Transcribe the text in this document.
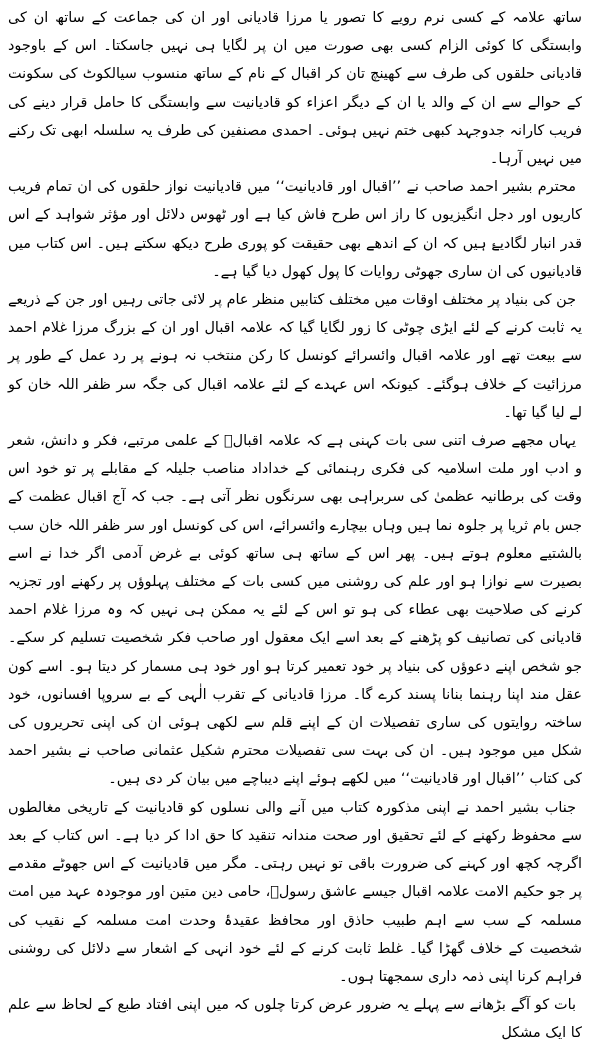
ساتھ علامہ کے کسی نرم رویے کا تصور یا مرزا قادیانی اور ان کی جماعت کے ساتھ ان کی وابستگی کا کوئی الزام کسی بھی صورت میں ان پر لگایا ہی نہیں جاسکتا۔ اس کے باوجود قادیانی حلقوں کی طرف سے کھینچ تان کر اقبال کے نام کے ساتھ منسوب سیالکوٹ کی سکونت کے حوالے سے ان کے والد یا ان کے دیگر اعزاء کو قادیانیت سے وابستگی کا حامل قرار دینے کی فریب کارانہ جدوجہد کبھی ختم نہیں ہوئی۔ احمدی مصنفین کی طرف یہ سلسلہ ابھی تک رکنے میں نہیں آرہا۔

محترم بشیر احمد صاحب نے ’’اقبال اور قادیانیت‘‘ میں قادیانیت نواز حلقوں کی ان تمام فریب کاریوں اور دجل انگیزیوں کا راز اس طرح فاش کیا ہے اور ٹھوس دلائل اور مؤثر شواہد کے اس قدر انبار لگادیۓ ہیں کہ ان کے اندھے بھی حقیقت کو پوری طرح دیکھ سکتے ہیں۔ اس کتاب میں قادیانیوں کی ان ساری جھوٹی روایات کا پول کھول دیا گیا ہے۔

جن کی بنیاد پر مختلف اوقات میں مختلف کتابیں منظر عام پر لائی جاتی رہیں اور جن کے ذریعے یہ ثابت کرنے کے لئے ایڑی چوٹی کا زور لگایا گیا کہ علامہ اقبال اور ان کے بزرگ مرزا غلام احمد سے بیعت تھے اور علامہ اقبال وائسرائے کونسل کا رکن منتخب نہ ہونے پر رد عمل کے طور پر مرزائیت کے خلاف ہوگئے۔ کیونکہ اس عہدے کے لئے علامہ اقبال کی جگہ سر ظفر اللہ خان کو لے لیا گیا تھا۔

یہاں مجھے صرف اتنی سی بات کہنی ہے کہ علامہ اقبالؒ کے علمی مرتبے، فکر و دانش، شعر و ادب اور ملت اسلامیہ کی فکری رہنمائی کے خداداد مناصب جلیلہ کے مقابلے پر تو خود اس وقت کی برطانیہ عظمیٰ کی سربراہی بھی سرنگوں نظر آتی ہے۔ جب کہ آج اقبال عظمت کے جس بام ثریا پر جلوہ نما ہیں وہاں بیچارے وائسرائے، اس کی کونسل اور سر ظفر اللہ خان سب بالشتیے معلوم ہوتے ہیں۔ پھر اس کے ساتھ ہی ساتھ کوئی بے غرض آدمی اگر خدا نے اسے بصیرت سے نوازا ہو اور علم کی روشنی میں کسی بات کے مختلف پہلوؤں پر رکھنے اور تجزیہ کرنے کی صلاحیت بھی عطاء کی ہو تو اس کے لئے یہ ممکن ہی نہیں کہ وہ مرزا غلام احمد قادیانی کی تصانیف کو پڑھنے کے بعد اسے ایک معقول اور صاحب فکر شخصیت تسلیم کر سکے۔ جو شخص اپنے دعوؤں کی بنیاد پر خود تعمیر کرتا ہو اور خود ہی مسمار کر دیتا ہو۔ اسے کون عقل مند اپنا رہنما بنانا پسند کرے گا۔ مرزا قادیانی کے تقرب الٰہی کے بے سروپا افسانوں، خود ساختہ روایتوں کی ساری تفصیلات ان کے اپنے قلم سے لکھی ہوئی ان کی اپنی تحریروں کی شکل میں موجود ہیں۔ ان کی بہت سی تفصیلات محترم شکیل عثمانی صاحب نے بشیر احمد کی کتاب ’’اقبال اور قادیانیت‘‘ میں لکھے ہوئے اپنے دیباچے میں بیان کر دی ہیں۔

جناب بشیر احمد نے اپنی مذکورہ کتاب میں آنے والی نسلوں کو قادیانیت کے تاریخی مغالطوں سے محفوظ رکھنے کے لئے تحقیق اور صحت مندانہ تنقید کا حق ادا کر دیا ہے۔ اس کتاب کے بعد اگرچہ کچھ اور کہنے کی ضرورت باقی تو نہیں رہتی۔ مگر میں قادیانیت کے اس جھوٹے مقدمے پر جو حکیم الامت علامہ اقبال جیسے عاشق رسولؐ، حامی دین متین اور موجودہ عہد میں امت مسلمہ کے سب سے اہم طبیب حاذق اور محافظ عقیدۂ وحدت امت مسلمہ کے نقیب کی شخصیت کے خلاف گھڑا گیا۔ غلط ثابت کرنے کے لئے خود انہی کے اشعار سے دلائل کی روشنی فراہم کرنا اپنی ذمہ داری سمجھتا ہوں۔

بات کو آگے بڑھانے سے پہلے یہ ضرور عرض کرتا چلوں کہ میں اپنی افتاد طبع کے لحاظ سے علم کا ایک مشکل
